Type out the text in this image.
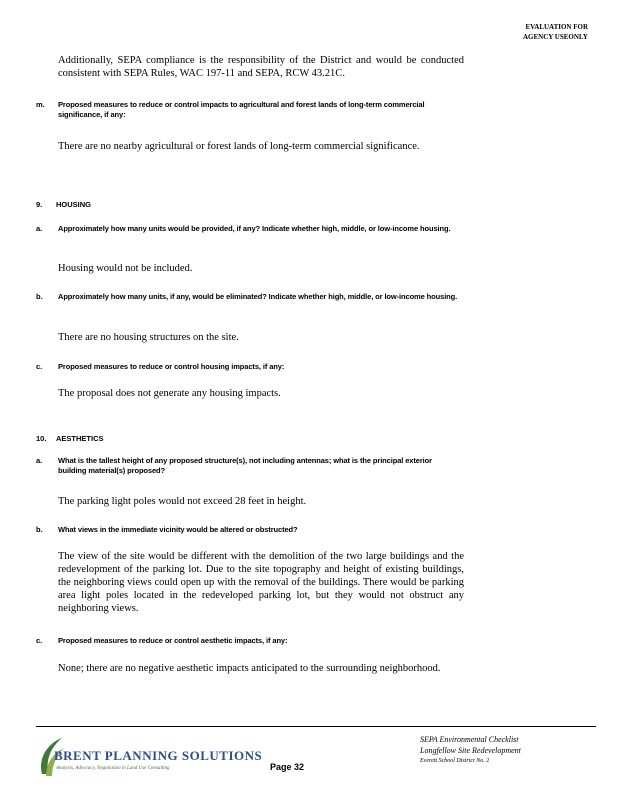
EVALUATION FOR
AGENCY USEONLY
Additionally, SEPA compliance is the responsibility of the District and would be conducted consistent with SEPA Rules, WAC 197-11 and SEPA, RCW 43.21C.
m.	Proposed measures to reduce or control impacts to agricultural and forest lands of long-term commercial significance, if any:
There are no nearby agricultural or forest lands of long-term commercial significance.
9. HOUSING
a.	Approximately how many units would be provided, if any? Indicate whether high, middle, or low-income housing.
Housing would not be included.
b.	Approximately how many units, if any, would be eliminated? Indicate whether high, middle, or low-income housing.
There are no housing structures on the site.
c.	Proposed measures to reduce or control housing impacts, if any:
The proposal does not generate any housing impacts.
10. AESTHETICS
a.	What is the tallest height of any proposed structure(s), not including antennas; what is the principal exterior building material(s) proposed?
The parking light poles would not exceed 28 feet in height.
b.	What views in the immediate vicinity would be altered or obstructed?
The view of the site would be different with the demolition of the two large buildings and the redevelopment of the parking lot. Due to the site topography and height of existing buildings, the neighboring views could open up with the removal of the buildings. There would be parking area light poles located in the redeveloped parking lot, but they would not obstruct any neighboring views.
c.	Proposed measures to reduce or control aesthetic impacts, if any:
None; there are no negative aesthetic impacts anticipated to the surrounding neighborhood.
BRENT PLANNING SOLUTIONS
Analysis, Advocacy, Negotiation in Land Use Consulting	Page 32
SEPA Environmental Checklist
Longfellow Site Redevelopment
Everett School District No. 2
